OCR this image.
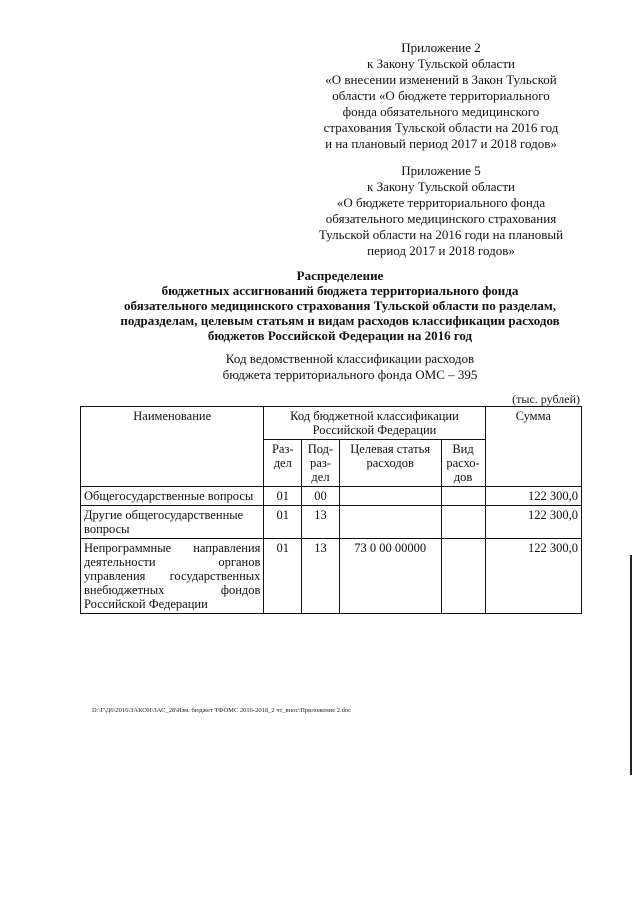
Приложение 2
к Закону Тульской области
«О внесении изменений в Закон Тульской
области «О бюджете территориального
фонда обязательного медицинского
страхования Тульской области на 2016 год
и на плановый период 2017 и 2018 годов»
Приложение 5
к Закону Тульской области
«О бюджете территориального фонда
обязательного медицинского страхования
Тульской области на 2016 годи на плановый
период 2017 и 2018 годов»
Распределение
бюджетных ассигнований бюджета территориального фонда
обязательного медицинского страхования Тульской области по разделам,
подразделам, целевым статьям и видам расходов классификации расходов
бюджетов Российской Федерации на 2016 год
Код ведомственной классификации расходов
бюджета территориального фонда ОМС – 395
(тыс. рублей)
Наименование	Код бюджетной классификации Российской Федерации				Сумма
	Раз-дел	Под-раз-дел	Целевая статья расходов	Вид расхо-дов	
Общегосударственные вопросы	01	00			122 300,0
Другие общегосударственные вопросы	01	13			122 300,0
Непрограммные направления деятельности органов управления государственных внебюджетных фондов Российской Федерации	01	13	73 0 00 00000		122 300,0
D:\Г\Д6\2016\ЗАКОН\ЗАС_28\Изм. бюджет ТФОМС 2016-2018_2 чт_внос\Приложение 2.doc
